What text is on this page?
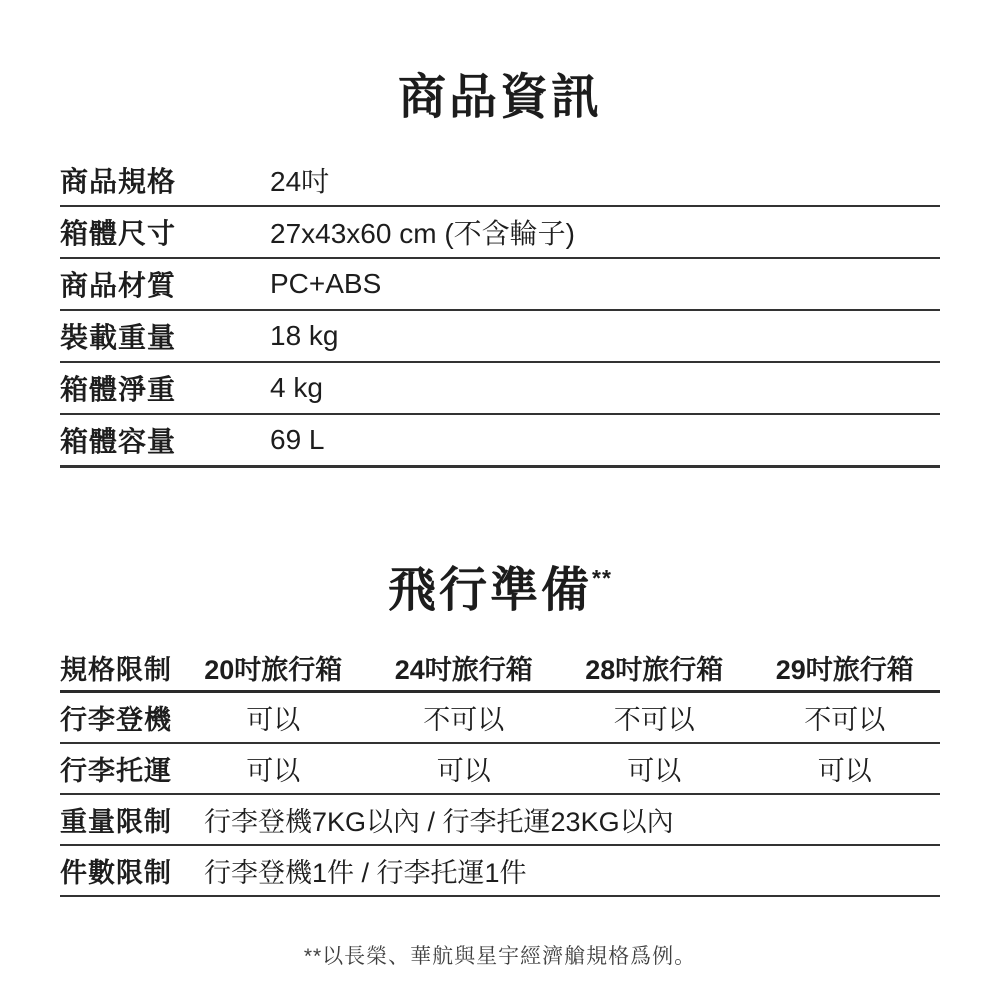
商品資訊
商品規格	24吋
箱體尺寸	27x43x60 cm (不含輪子)
商品材質	PC+ABS
裝載重量	18 kg
箱體淨重	4 kg
箱體容量	69 L
飛行準備**
規格限制	20吋旅行箱	24吋旅行箱	28吋旅行箱	29吋旅行箱
行李登機	可以	不可以	不可以	不可以
行李托運	可以	可以	可以	可以
重量限制	行李登機7KG以內 / 行李托運23KG以內
件數限制	行李登機1件 / 行李托運1件
**以長榮、華航與星宇經濟艙規格爲例。
